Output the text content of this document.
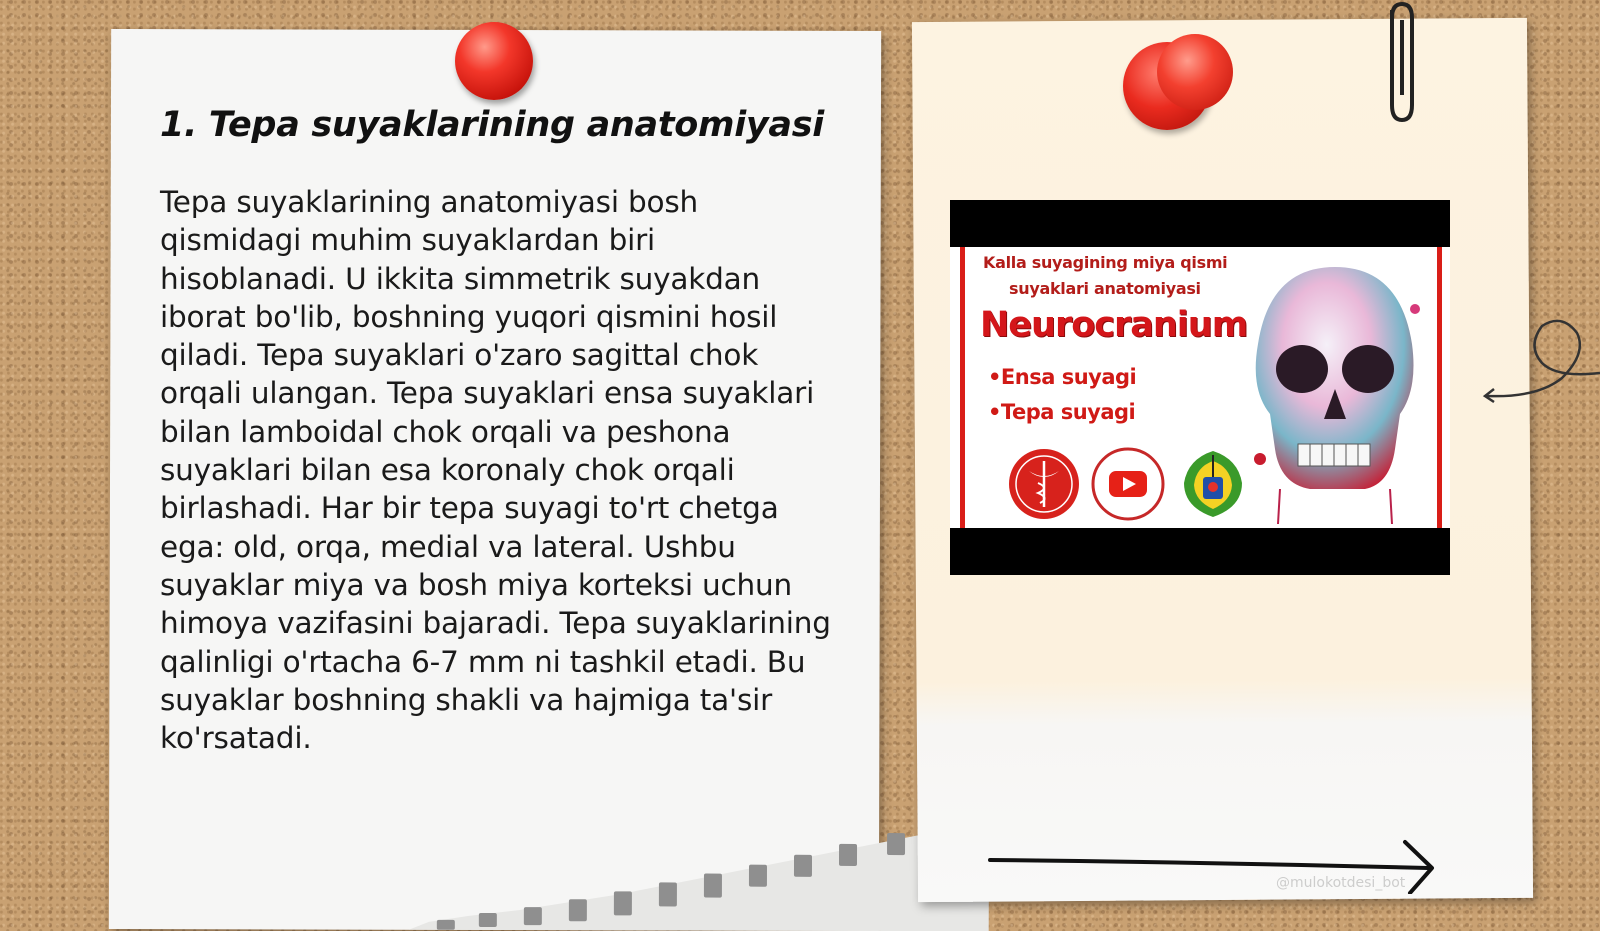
1. Tepa suyaklarining anatomiyasi

Tepa suyaklarining anatomiyasi bosh qismidagi muhim suyaklardan biri hisoblanadi. U ikkita simmetrik suyakdan iborat bo'lib, boshning yuqori qismini hosil qiladi. Tepa suyaklari o'zaro sagittal chok orqali ulangan. Tepa suyaklari ensa suyaklari bilan lamboidal chok orqali va peshona suyaklari bilan esa koronaly chok orqali birlashadi. Har bir tepa suyagi to'rt chetga ega: old, orqa, medial va lateral. Ushbu suyaklar miya va bosh miya korteksi uchun himoya vazifasini bajaradi. Tepa suyaklarining qalinligi o'rtacha 6-7 mm ni tashkil etadi. Bu suyaklar boshning shakli va hajmiga ta'sir ko'rsatadi.

Kalla suyagining miya qismi
suyaklari anatomiyasi
Neurocranium
•Ensa suyagi
•Tepa suyagi
@mulokotdesi_bot
